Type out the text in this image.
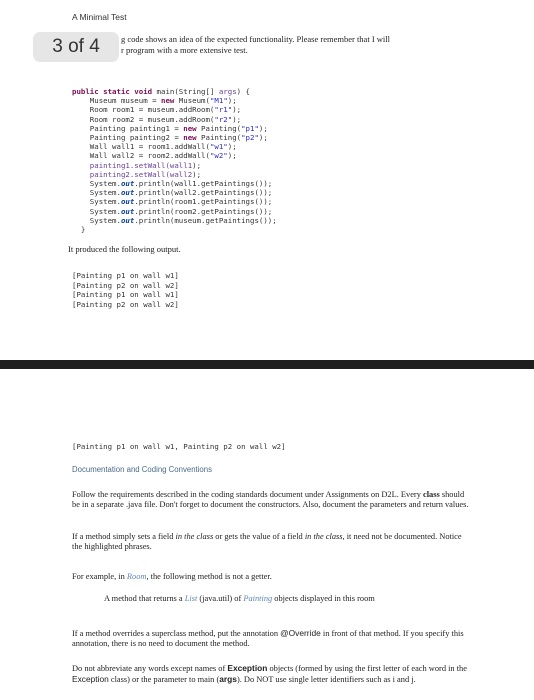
A Minimal Test
3 of 4	g code shows an idea of the expected functionality. Please remember that I will
r program with a more extensive test.
public static void main(String[] args) {
Museum museum = new Museum("M1");
Room room1 = museum.addRoom("r1");
Room room2 = museum.addRoom("r2");
Painting painting1 = new Painting("p1");
Painting painting2 = new Painting("p2");
Wall wall1 = room1.addWall("w1");
Wall wall2 = room2.addWall("w2");
painting1.setWall(wall1);
painting2.setWall(wall2);
System.out.println(wall1.getPaintings());
System.out.println(wall2.getPaintings());
System.out.println(room1.getPaintings());
System.out.println(room2.getPaintings());
System.out.println(museum.getPaintings());
}
It produced the following output.
[Painting p1 on wall w1]
[Painting p2 on wall w2]
[Painting p1 on wall w1]
[Painting p2 on wall w2]
[Painting p1 on wall w1, Painting p2 on wall w2]
Documentation and Coding Conventions
Follow the requirements described in the coding standards document under Assignments on D2L. Every class should be in a separate .java file. Don't forget to document the constructors. Also, document the parameters and return values.
If a method simply sets a field in the class or gets the value of a field in the class, it need not be documented. Notice the highlighted phrases.
For example, in Room, the following method is not a getter.
A method that returns a List (java.util) of Painting objects displayed in this room
If a method overrides a superclass method, put the annotation @Override in front of that method. If you specify this annotation, there is no need to document the method.
Do not abbreviate any words except names of Exception objects (formed by using the first letter of each word in the Exception class) or the parameter to main (args). Do NOT use single letter identifiers such as i and j.
